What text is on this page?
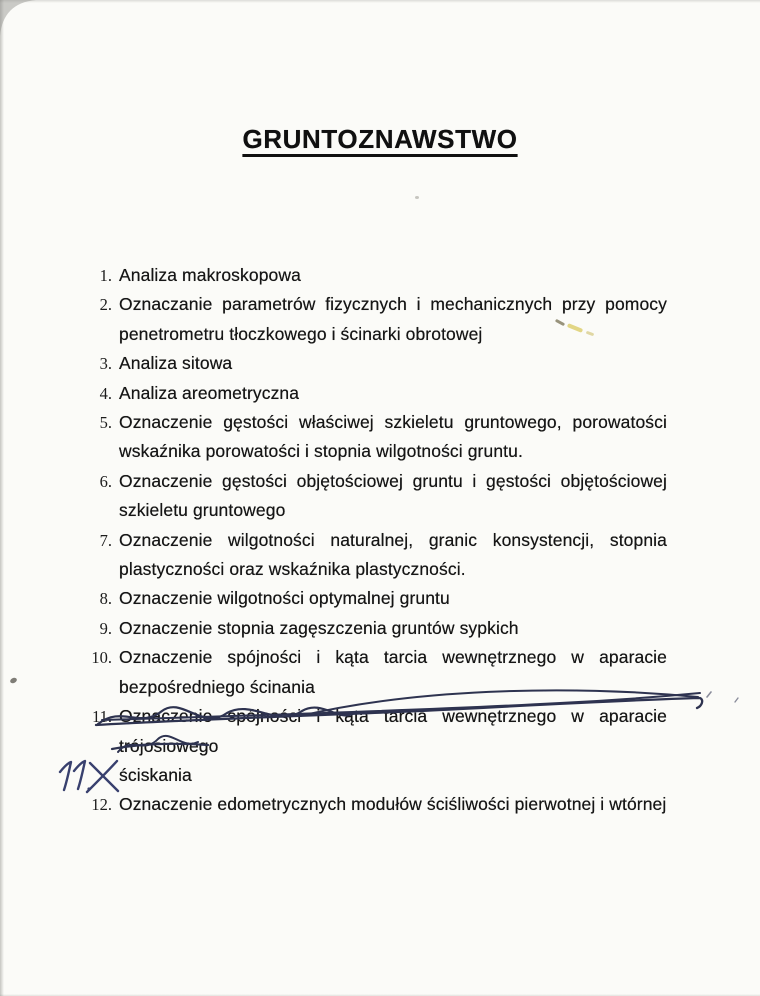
GRUNTOZNAWSTWO
1. Analiza makroskopowa
2. Oznaczanie parametrów fizycznych i mechanicznych przy pomocy
penetrometru tłoczkowego i ścinarki obrotowej
3. Analiza sitowa
4. Analiza areometryczna
5. Oznaczenie gęstości właściwej szkieletu gruntowego, porowatości
wskaźnika porowatości i stopnia wilgotności gruntu.
6. Oznaczenie gęstości objętościowej gruntu i gęstości objętościowej
szkieletu gruntowego
7. Oznaczenie wilgotności naturalnej, granic konsystencji, stopnia
plastyczności oraz wskaźnika plastyczności.
8. Oznaczenie wilgotności optymalnej gruntu
9. Oznaczenie stopnia zagęszczenia gruntów sypkich
10. Oznaczenie spójności i kąta tarcia wewnętrznego w aparacie
bezpośredniego ścinania
11. Oznaczenie spójności i kąta tarcia wewnętrznego w aparacie trójosiowego
ściskania
12. Oznaczenie edometrycznych modułów ściśliwości pierwotnej i wtórnej
